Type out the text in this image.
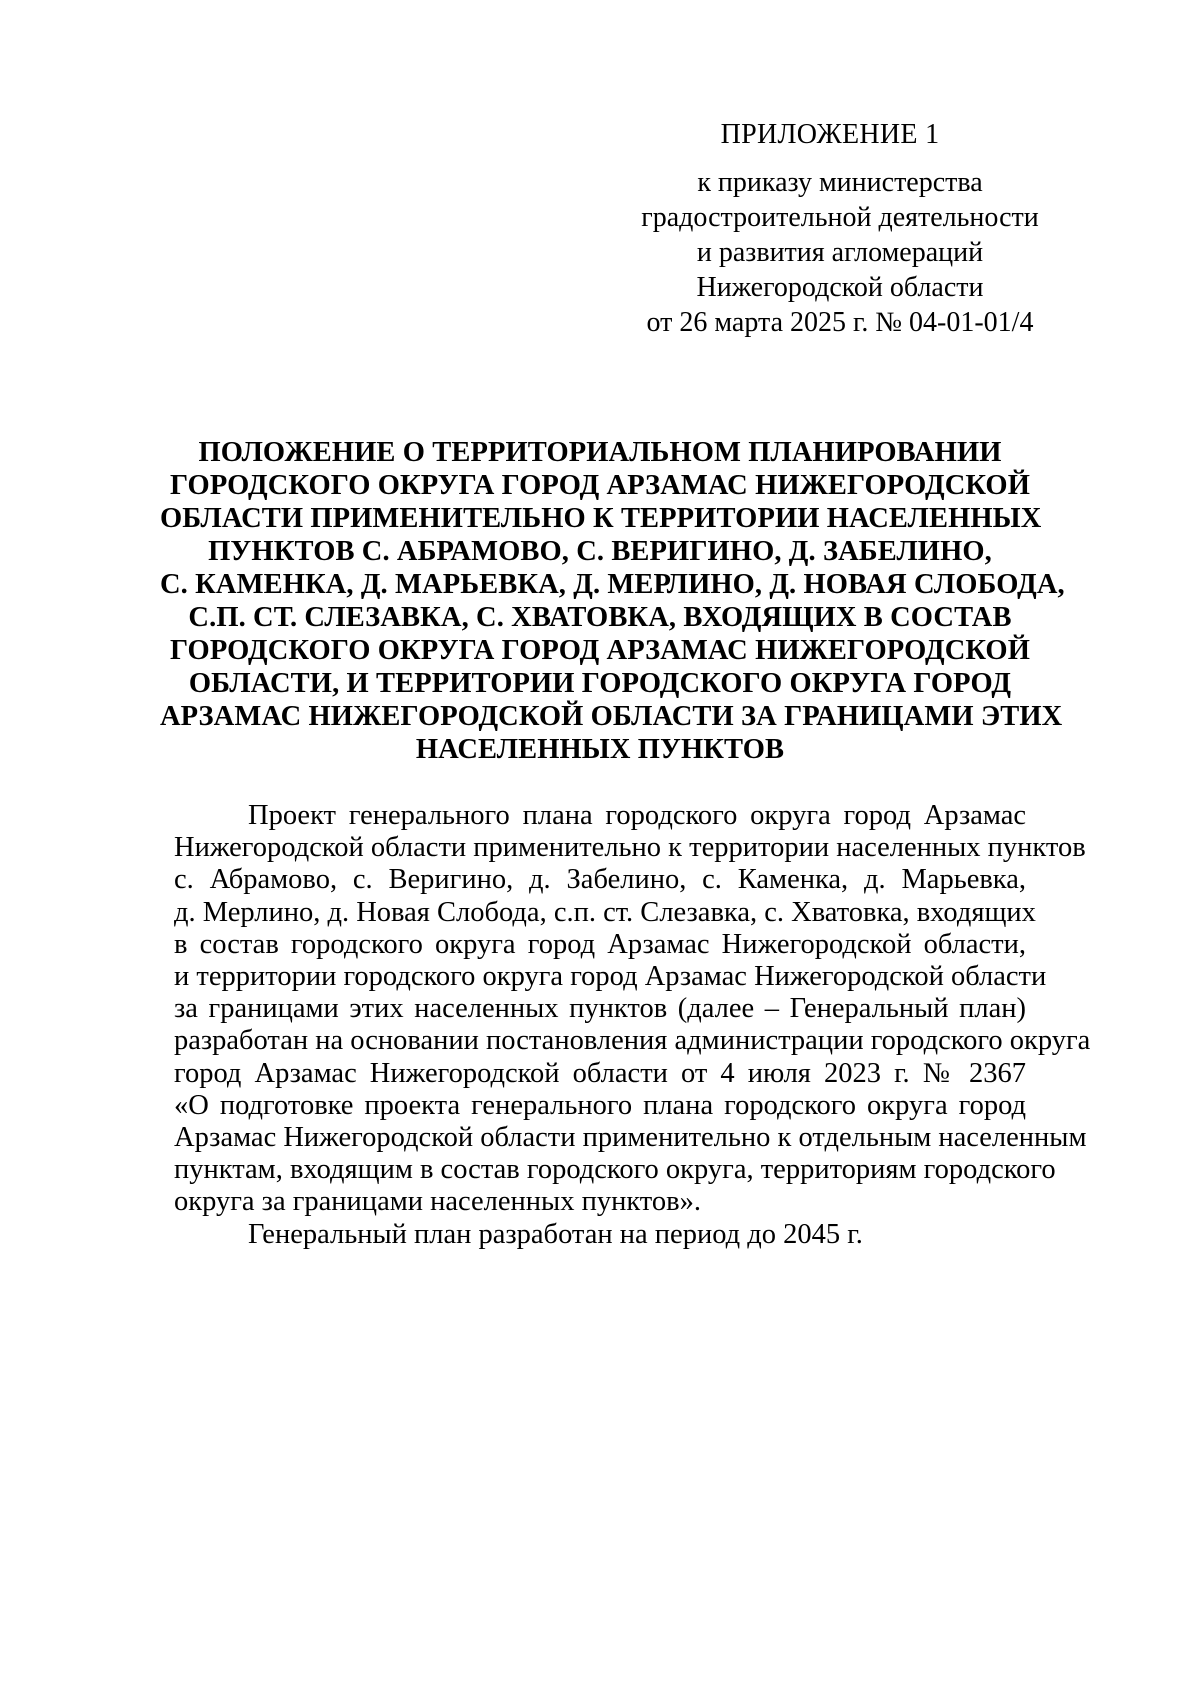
ПРИЛОЖЕНИЕ 1
к приказу министерства
градостроительной деятельности
и развития агломераций
Нижегородской области
от 26 марта 2025 г. № 04-01-01/4
ПОЛОЖЕНИЕ О ТЕРРИТОРИАЛЬНОМ ПЛАНИРОВАНИИ
ГОРОДСКОГО ОКРУГА ГОРОД АРЗАМАС НИЖЕГОРОДСКОЙ
ОБЛАСТИ ПРИМЕНИТЕЛЬНО К ТЕРРИТОРИИ НАСЕЛЕННЫХ
ПУНКТОВ С. АБРАМОВО, С. ВЕРИГИНО, Д. ЗАБЕЛИНО,
С. КАМЕНКА, Д. МАРЬЕВКА, Д. МЕРЛИНО, Д. НОВАЯ СЛОБОДА,
С.П. СТ. СЛЕЗАВКА, С. ХВАТОВКА, ВХОДЯЩИХ В СОСТАВ
ГОРОДСКОГО ОКРУГА ГОРОД АРЗАМАС НИЖЕГОРОДСКОЙ
ОБЛАСТИ, И ТЕРРИТОРИИ ГОРОДСКОГО ОКРУГА ГОРОД
АРЗАМАС НИЖЕГОРОДСКОЙ ОБЛАСТИ ЗА ГРАНИЦАМИ ЭТИХ
НАСЕЛЕННЫХ ПУНКТОВ

Проект генерального плана городского округа город Арзамас
Нижегородской области применительно к территории населенных пунктов
с. Абрамово, с. Веригино, д. Забелино, с. Каменка, д. Марьевка,
д. Мерлино, д. Новая Слобода, с.п. ст. Слезавка, с. Хватовка, входящих
в состав городского округа город Арзамас Нижегородской области,
и территории городского округа город Арзамас Нижегородской области
за границами этих населенных пунктов (далее – Генеральный план)
разработан на основании постановления администрации городского округа
город Арзамас Нижегородской области от 4 июля 2023 г. № 2367
«О подготовке проекта генерального плана городского округа город
Арзамас Нижегородской области применительно к отдельным населенным
пунктам, входящим в состав городского округа, территориям городского
округа за границами населенных пунктов».

Генеральный план разработан на период до 2045 г.
